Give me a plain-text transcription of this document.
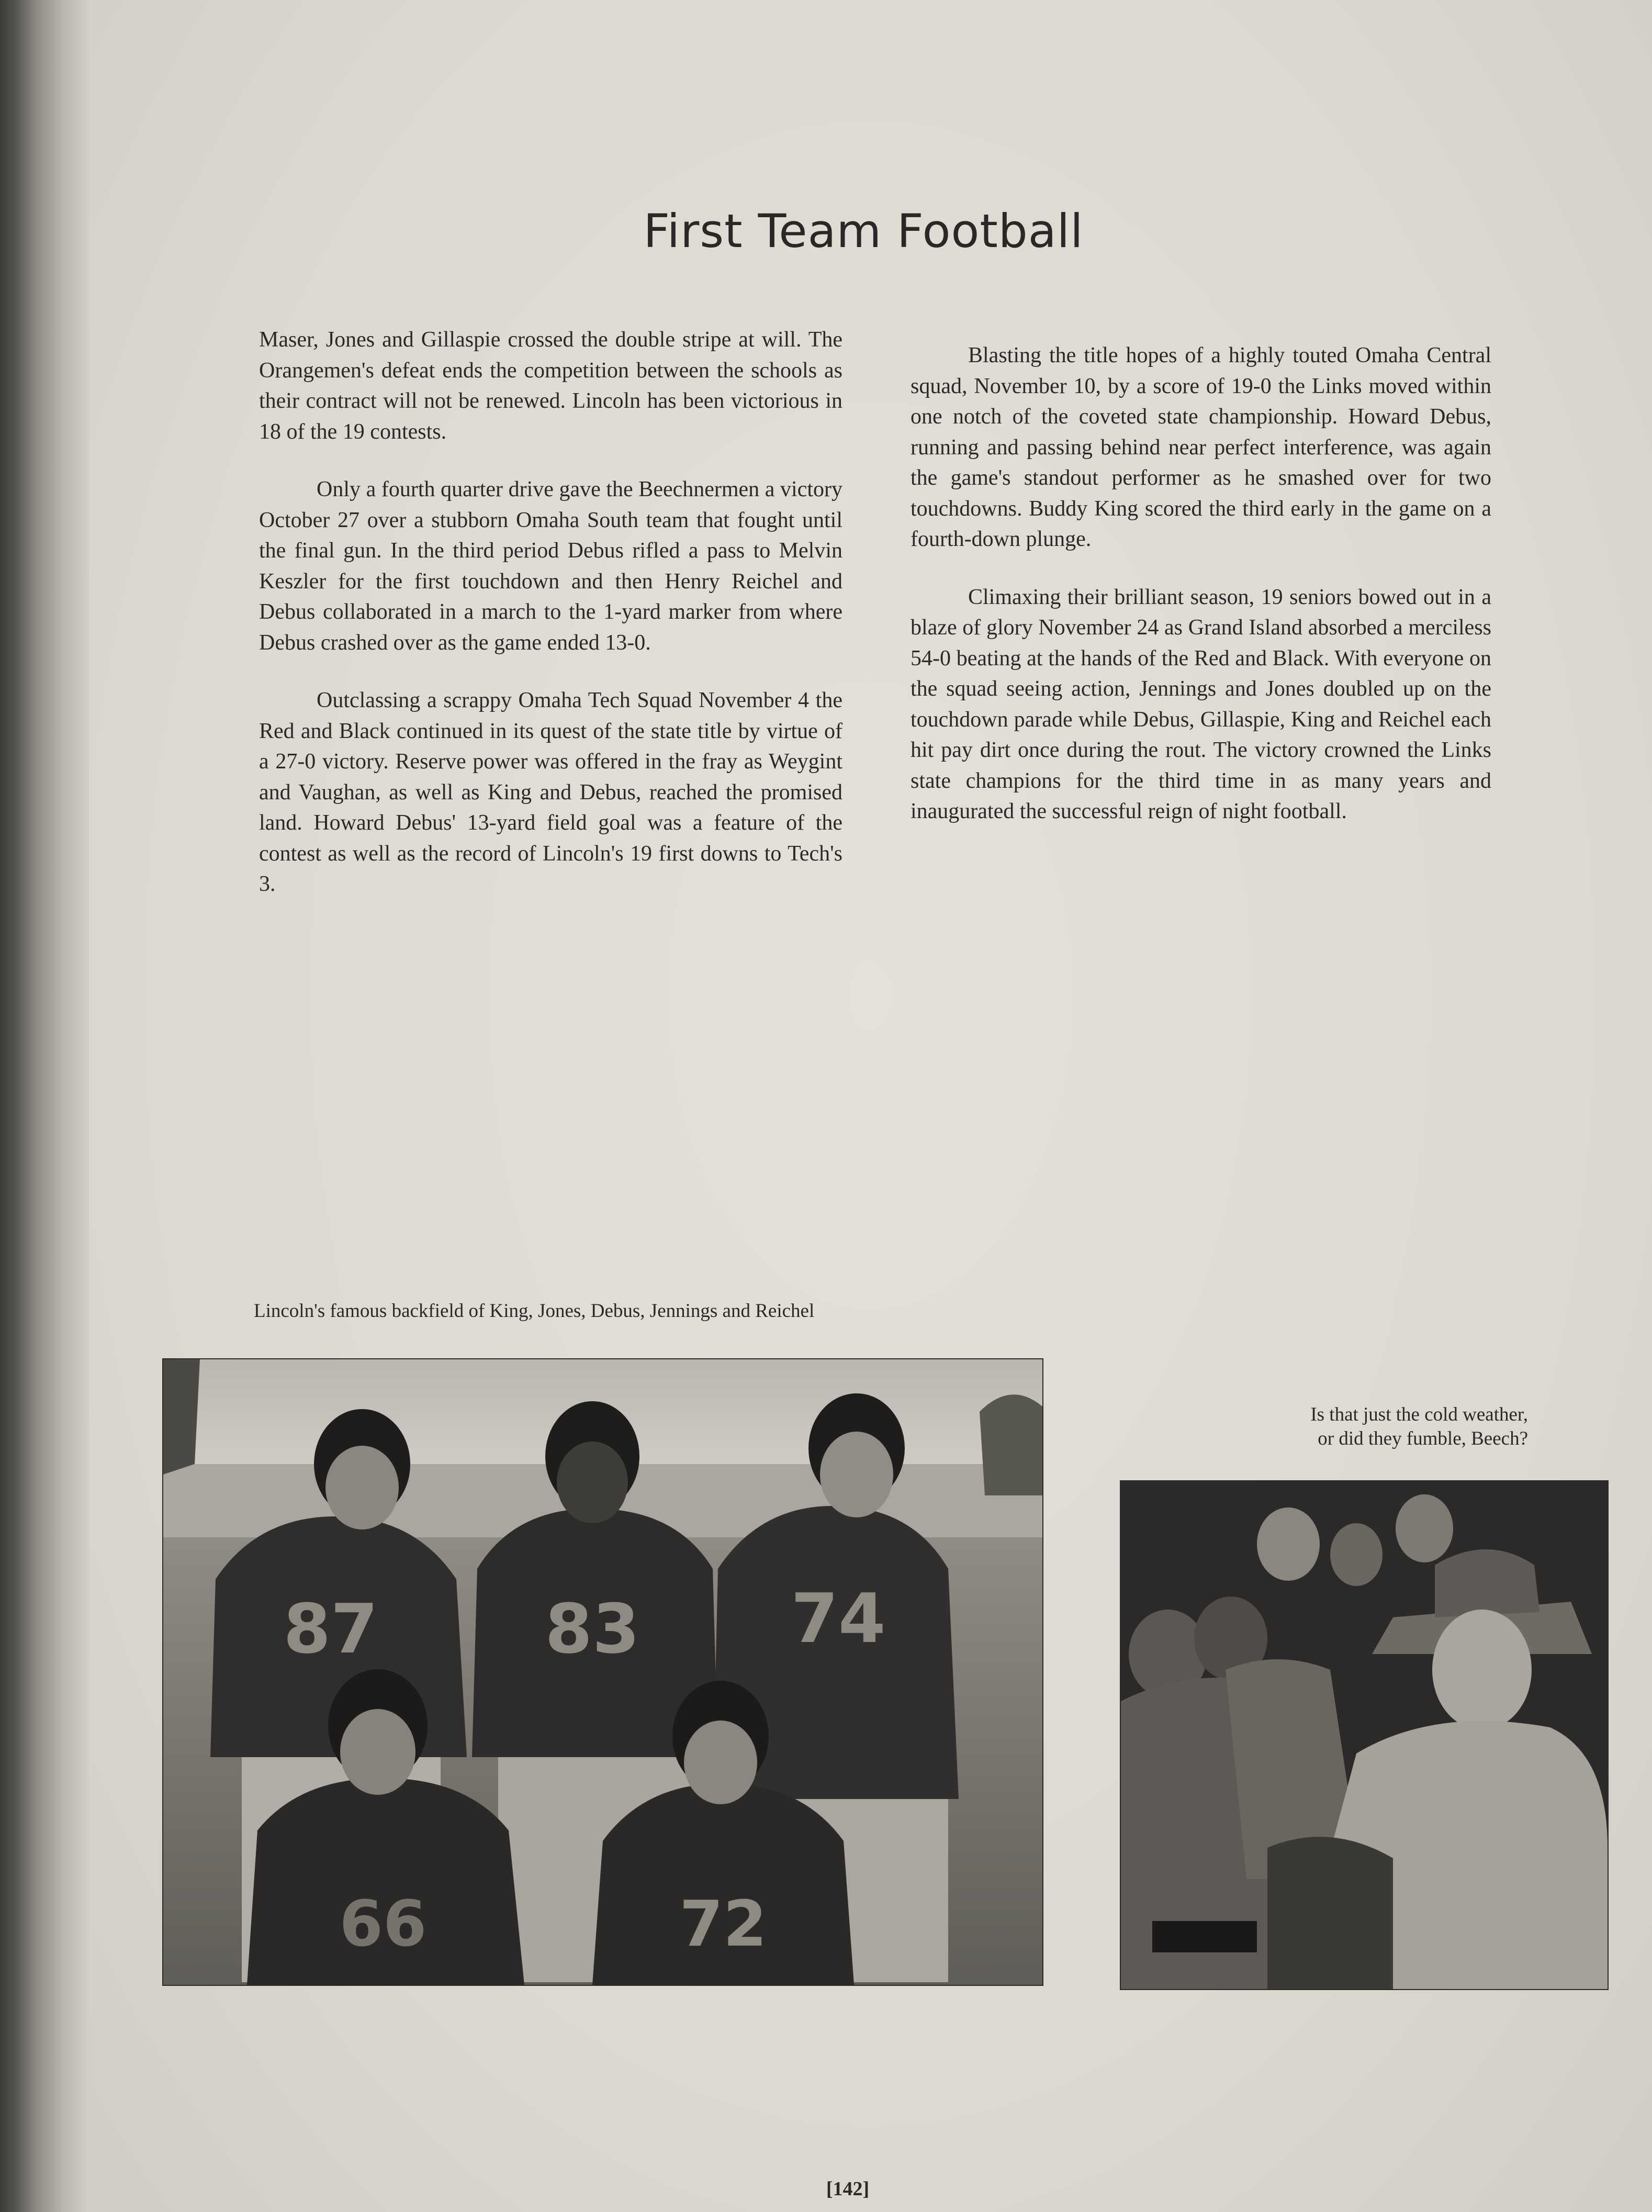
First Team Football

Maser, Jones and Gillaspie crossed the double stripe at will. The Orangemen's defeat ends the competition between the schools as their contract will not be renewed. Lincoln has been victorious in 18 of the 19 contests.

Only a fourth quarter drive gave the Beechnermen a victory October 27 over a stubborn Omaha South team that fought until the final gun. In the third period Debus rifled a pass to Melvin Keszler for the first touchdown and then Henry Reichel and Debus collaborated in a march to the 1-yard marker from where Debus crashed over as the game ended 13-0.

Outclassing a scrappy Omaha Tech Squad November 4 the Red and Black continued in its quest of the state title by virtue of a 27-0 victory. Reserve power was offered in the fray as Weygint and Vaughan, as well as King and Debus, reached the promised land. Howard Debus' 13-yard field goal was a feature of the contest as well as the record of Lincoln's 19 first downs to Tech's 3.

Blasting the title hopes of a highly touted Omaha Central squad, November 10, by a score of 19-0 the Links moved within one notch of the coveted state championship. Howard Debus, running and passing behind near perfect interference, was again the game's standout performer as he smashed over for two touchdowns. Buddy King scored the third early in the game on a fourth-down plunge.

Climaxing their brilliant season, 19 seniors bowed out in a blaze of glory November 24 as Grand Island absorbed a merciless 54-0 beating at the hands of the Red and Black. With everyone on the squad seeing action, Jennings and Jones doubled up on the touchdown parade while Debus, Gillaspie, King and Reichel each hit pay dirt once during the rout. The victory crowned the Links state champions for the third time in as many years and inaugurated the successful reign of night football.

Lincoln's famous backfield of King, Jones, Debus, Jennings and Reichel
Is that just the cold weather,
or did they fumble, Beech?
87 83 74
66	72
[142]
